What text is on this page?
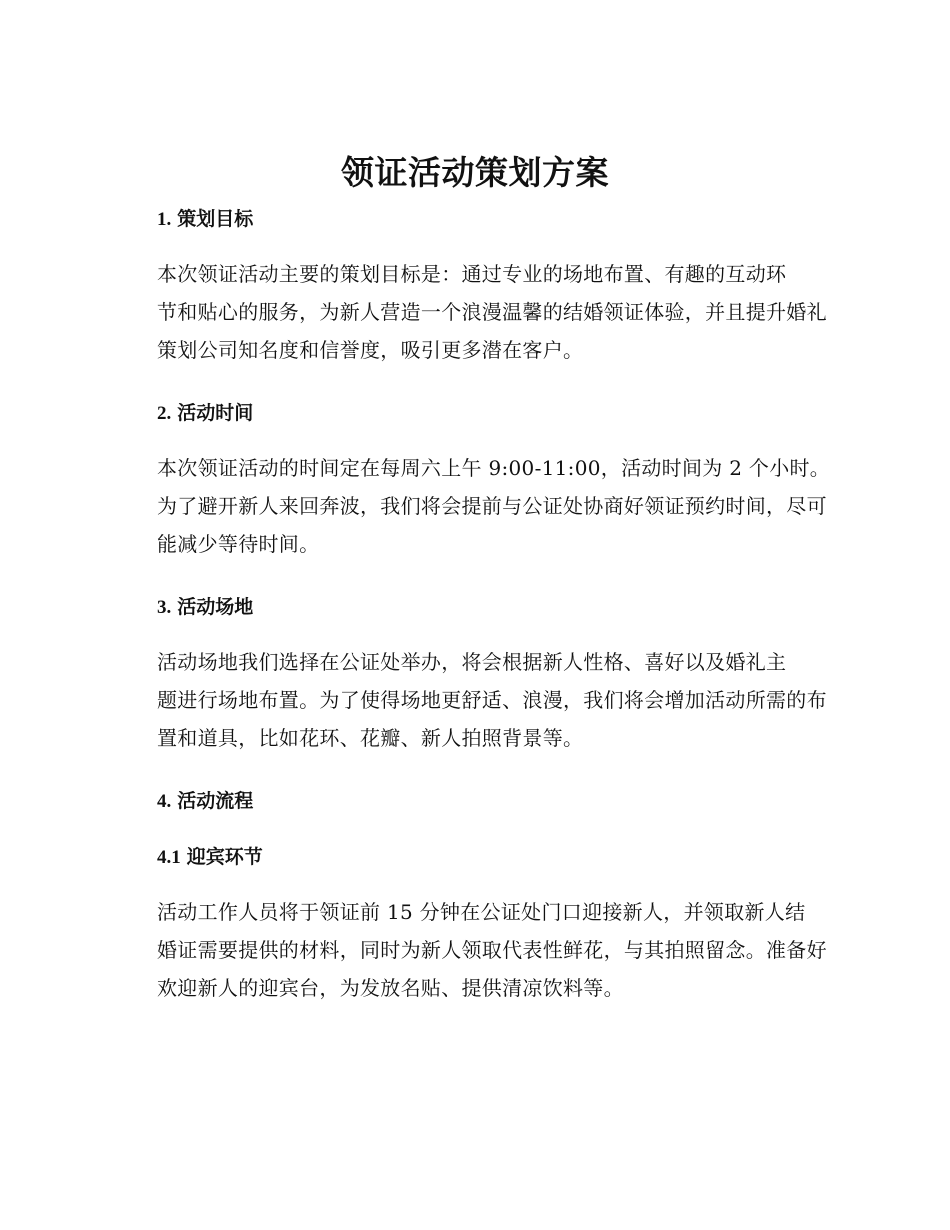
领证活动策划方案
1. 策划目标

本次领证活动主要的策划目标是：通过专业的场地布置、有趣的互动环
节和贴心的服务，为新人营造一个浪漫温馨的结婚领证体验，并且提升婚礼
策划公司知名度和信誉度，吸引更多潜在客户。

2. 活动时间

本次领证活动的时间定在每周六上午 9:00-11:00，活动时间为 2 个小时。
为了避开新人来回奔波，我们将会提前与公证处协商好领证预约时间，尽可
能减少等待时间。

3. 活动场地

活动场地我们选择在公证处举办，将会根据新人性格、喜好以及婚礼主
题进行场地布置。为了使得场地更舒适、浪漫，我们将会增加活动所需的布
置和道具，比如花环、花瓣、新人拍照背景等。

4. 活动流程
4.1 迎宾环节

活动工作人员将于领证前 15 分钟在公证处门口迎接新人，并领取新人结
婚证需要提供的材料，同时为新人领取代表性鲜花，与其拍照留念。准备好
欢迎新人的迎宾台，为发放名贴、提供清凉饮料等。
